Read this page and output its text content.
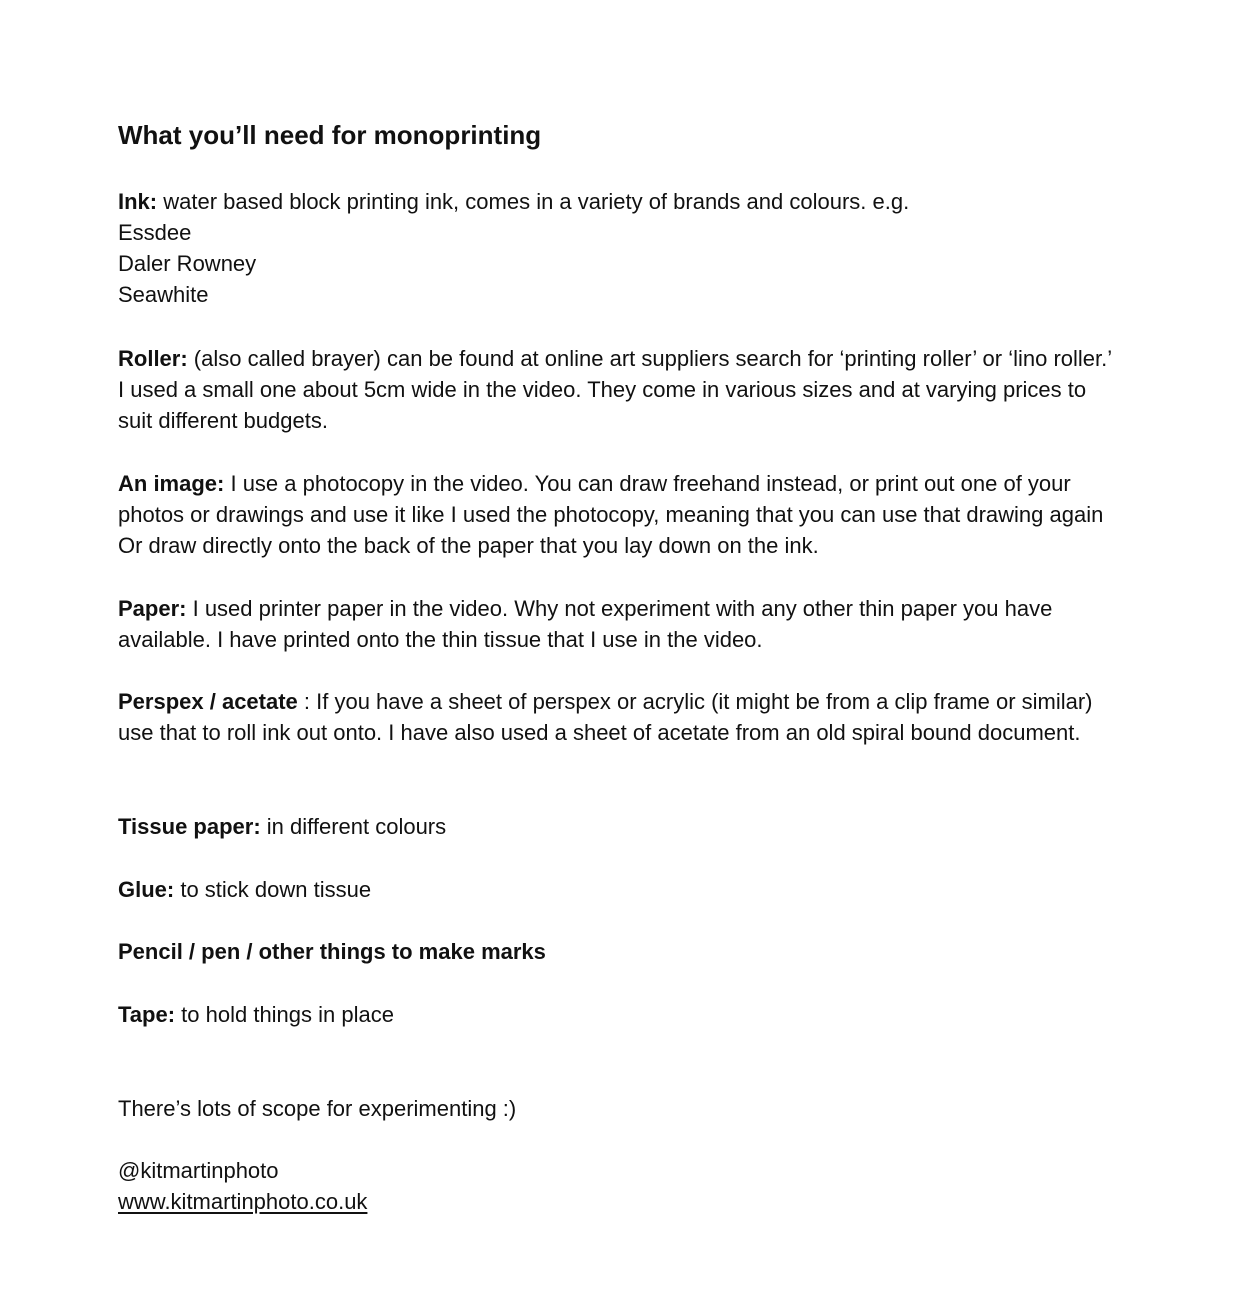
What you’ll need for monoprinting

Ink: water based block printing ink, comes in a variety of brands and colours. e.g.
Essdee
Daler Rowney
Seawhite

Roller: (also called brayer) can be found at online art suppliers search for ‘printing roller’ or ‘lino roller.’ I used a small one about 5cm wide in the video. They come in various sizes and at varying prices to suit different budgets.

An image: I use a photocopy in the video. You can draw freehand instead, or print out one of your photos or drawings and use it like I used the photocopy, meaning that you can use that drawing again Or draw directly onto the back of the paper that you lay down on the ink.

Paper: I used printer paper in the video. Why not experiment with any other thin paper you have available. I have printed onto the thin tissue that I use in the video.

Perspex / acetate : If you have a sheet of perspex or acrylic (it might be from a clip frame or similar) use that to roll ink out onto. I have also used a sheet of acetate from an old spiral bound document.

Tissue paper: in different colours

Glue: to stick down tissue

Pencil / pen / other things to make marks

Tape: to hold things in place

There’s lots of scope for experimenting :)

@kitmartinphoto
www.kitmartinphoto.co.uk
